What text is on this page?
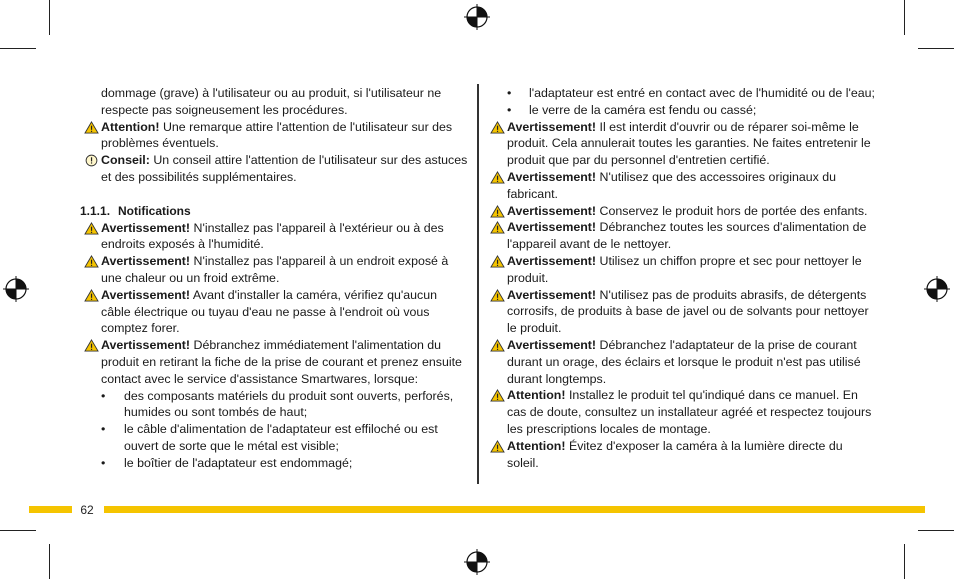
dommage (grave) à l'utilisateur ou au produit, si l'utilisateur ne respecte pas soigneusement les procédures.

Attention! Une remarque attire l'attention de l'utilisateur sur des problèmes éventuels.

Conseil: Un conseil attire l'attention de l'utilisateur sur des astuces et des possibilités supplémentaires.

1.1.1. Notifications

Avertissement! N'installez pas l'appareil à l'extérieur ou à des endroits exposés à l'humidité.

Avertissement! N'installez pas l'appareil à un endroit exposé à une chaleur ou un froid extrême.

Avertissement! Avant d'installer la caméra, vérifiez qu'aucun câble électrique ou tuyau d'eau ne passe à l'endroit où vous comptez forer.

Avertissement! Débranchez immédiatement l'alimentation du produit en retirant la fiche de la prise de courant et prenez ensuite contact avec le service d'assistance Smartwares, lorsque:

• des composants matériels du produit sont ouverts, perforés, humides ou sont tombés de haut;

• le câble d'alimentation de l'adaptateur est effiloché ou est ouvert de sorte que le métal est visible;

• le boîtier de l'adaptateur est endommagé;

• l'adaptateur est entré en contact avec de l'humidité ou de l'eau;

• le verre de la caméra est fendu ou cassé;

Avertissement! Il est interdit d'ouvrir ou de réparer soi-même le produit. Cela annulerait toutes les garanties. Ne faites entretenir le produit que par du personnel d'entretien certifié.

Avertissement! N'utilisez que des accessoires originaux du fabricant.

Avertissement! Conservez le produit hors de portée des enfants.

Avertissement! Débranchez toutes les sources d'alimentation de l'appareil avant de le nettoyer.

Avertissement! Utilisez un chiffon propre et sec pour nettoyer le produit.

Avertissement! N'utilisez pas de produits abrasifs, de détergents corrosifs, de produits à base de javel ou de solvants pour nettoyer le produit.

Avertissement! Débranchez l'adaptateur de la prise de courant durant un orage, des éclairs et lorsque le produit n'est pas utilisé durant longtemps.

Attention! Installez le produit tel qu'indiqué dans ce manuel. En cas de doute, consultez un installateur agréé et respectez toujours les prescriptions locales de montage.

Attention! Évitez d'exposer la caméra à la lumière directe du soleil.

62
